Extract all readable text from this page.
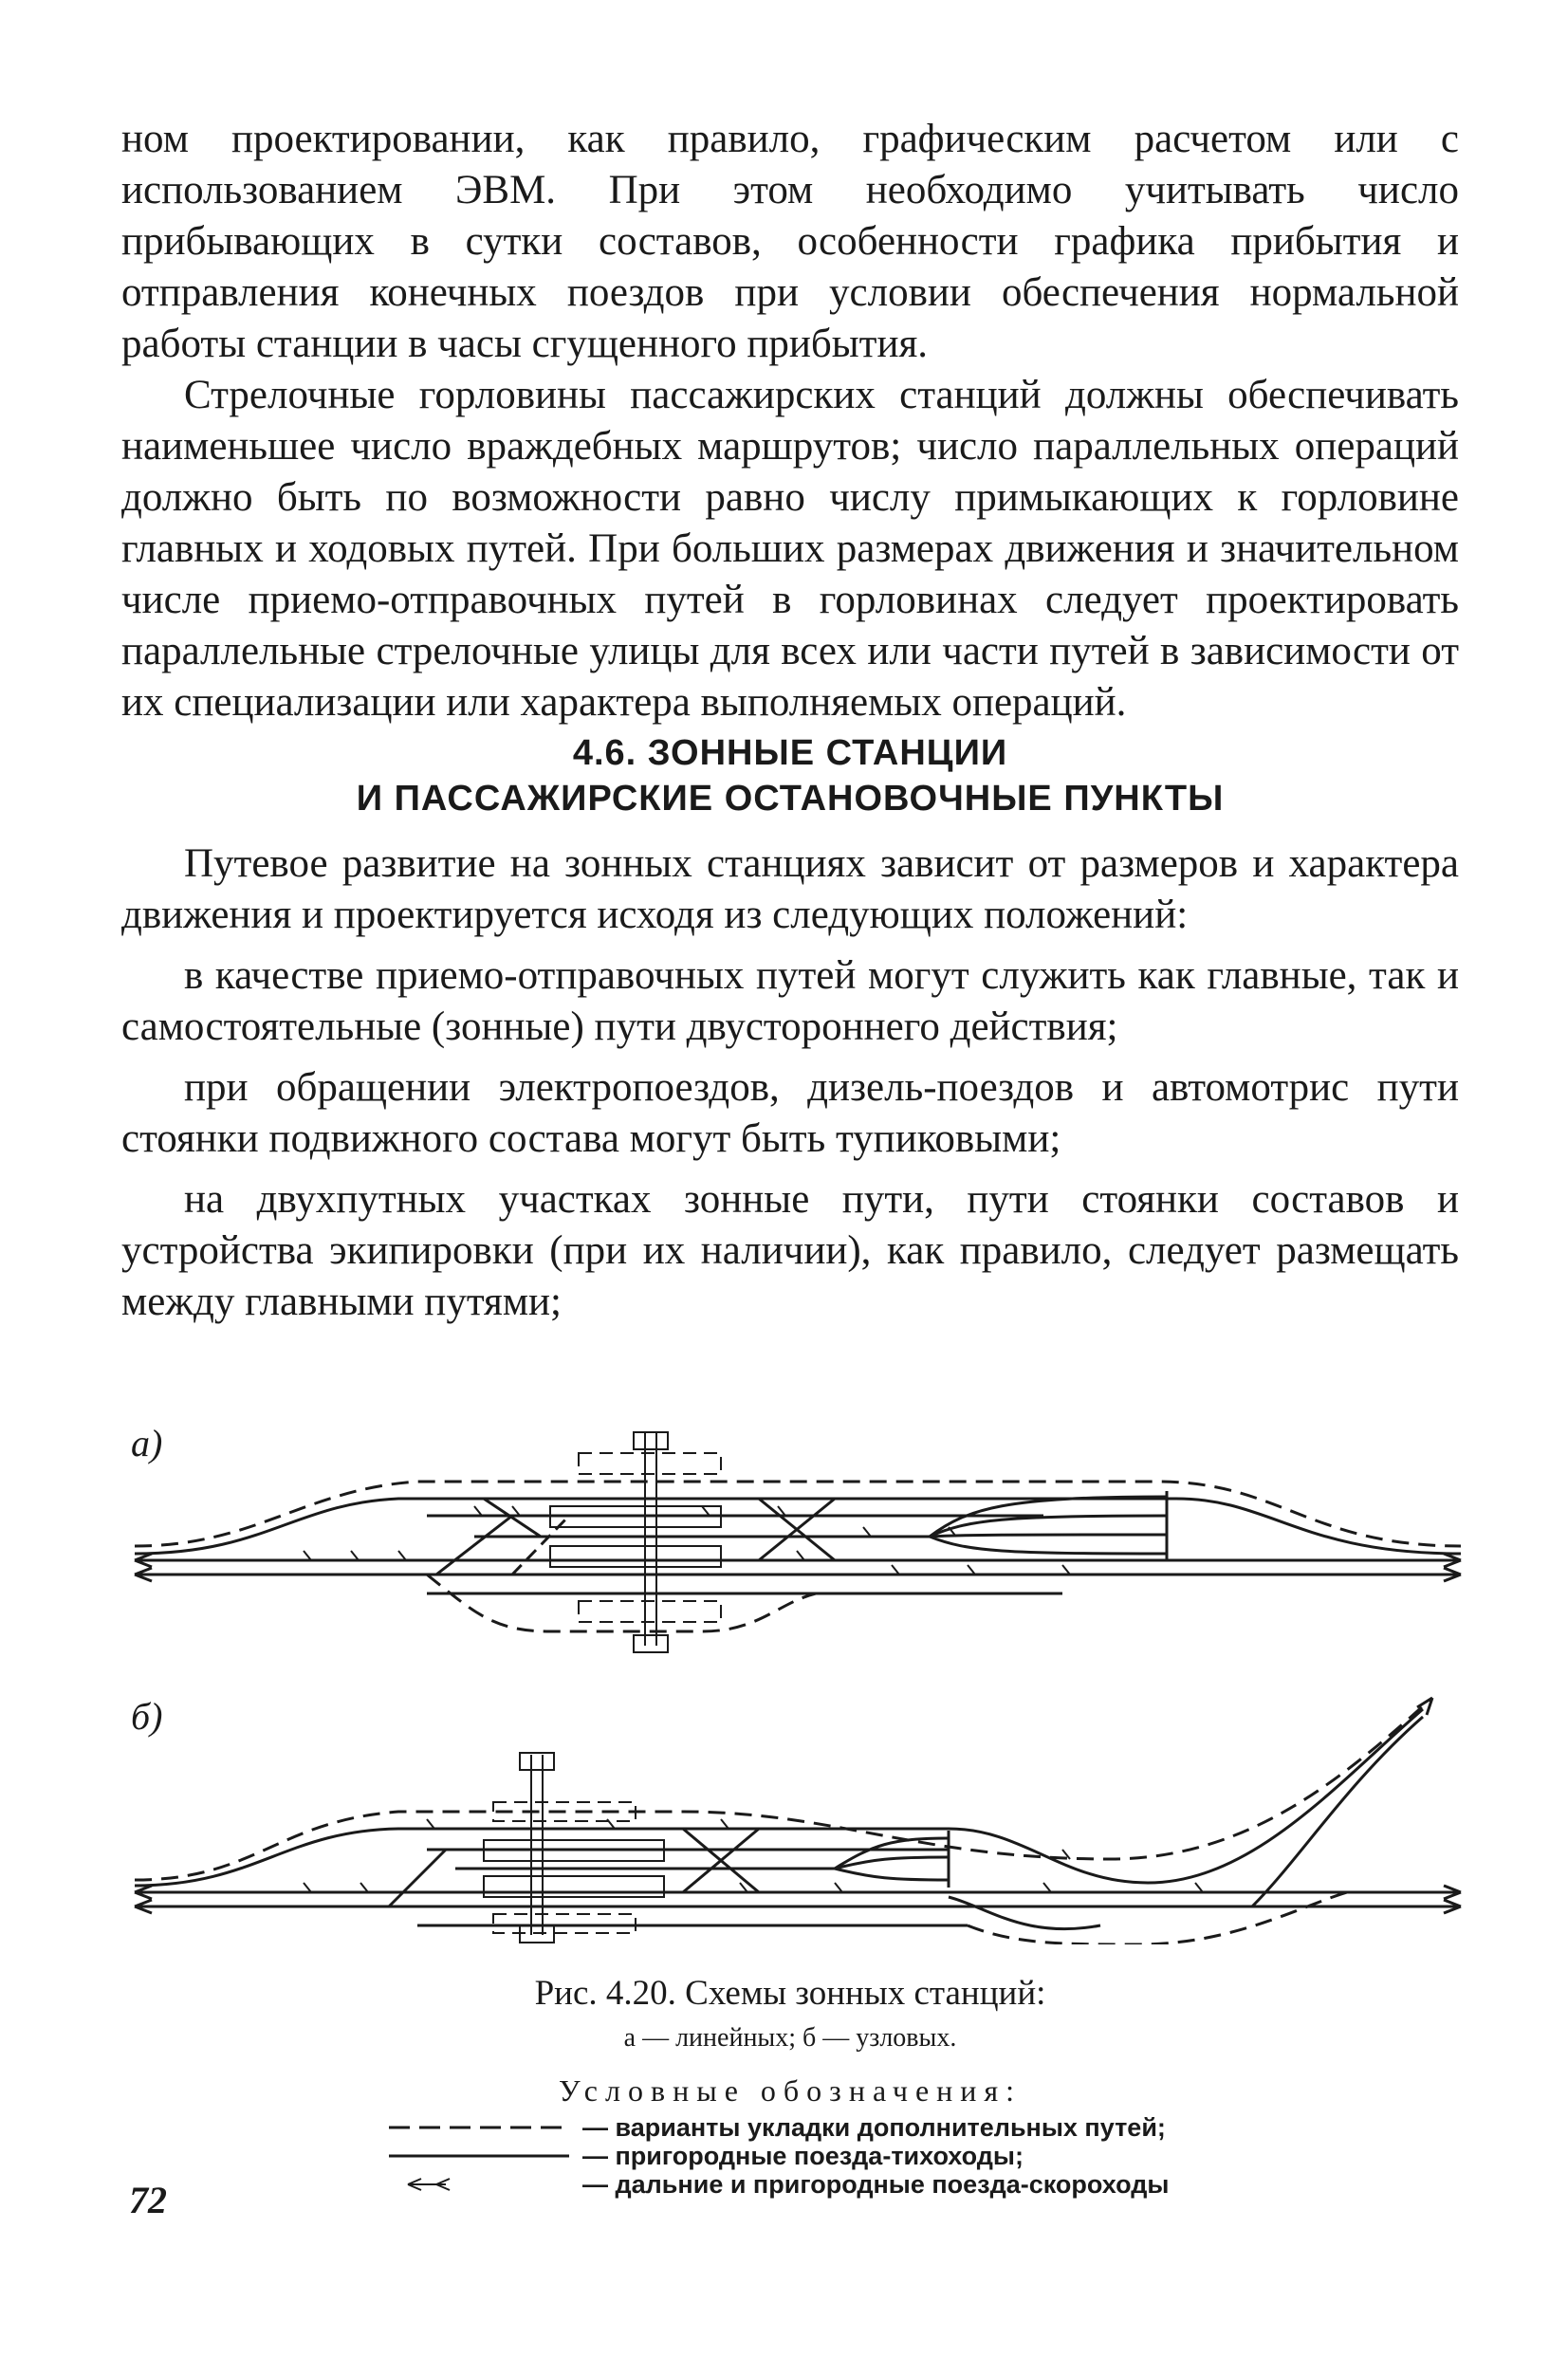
ном проектировании, как правило, графическим расчетом или с использованием ЭВМ. При этом необходимо учитывать число прибывающих в сутки составов, особенности графика прибытия и отправления конечных поездов при условии обеспечения нормальной работы станции в часы сгущенного прибытия.

Стрелочные горловины пассажирских станций должны обеспечивать наименьшее число враждебных маршрутов; число параллельных операций должно быть по возможности равно числу примыкающих к горловине главных и ходовых путей. При больших размерах движения и значительном числе приемо-отправочных путей в горловинах следует проектировать параллельные стрелочные улицы для всех или части путей в зависимости от их специализации или характера выполняемых операций.

4.6. ЗОННЫЕ СТАНЦИИ
И ПАССАЖИРСКИЕ ОСТАНОВОЧНЫЕ ПУНКТЫ

Путевое развитие на зонных станциях зависит от размеров и характера движения и проектируется исходя из следующих положений:

в качестве приемо-отправочных путей могут служить как главные, так и самостоятельные (зонные) пути двустороннего действия;

при обращении электропоездов, дизель-поездов и автомотрис пути стоянки подвижного состава могут быть тупиковыми;

на двухпутных участках зонные пути, пути стоянки составов и устройства экипировки (при их наличии), как правило, следует размещать между главными путями;

а)
б)
Рис. 4.20. Схемы зонных станций:
а — линейных; б — узловых.
Условные обозначения:
— варианты укладки дополнительных путей;
— пригородные поезда-тихоходы;
— дальние и пригородные поезда-скороходы
72
